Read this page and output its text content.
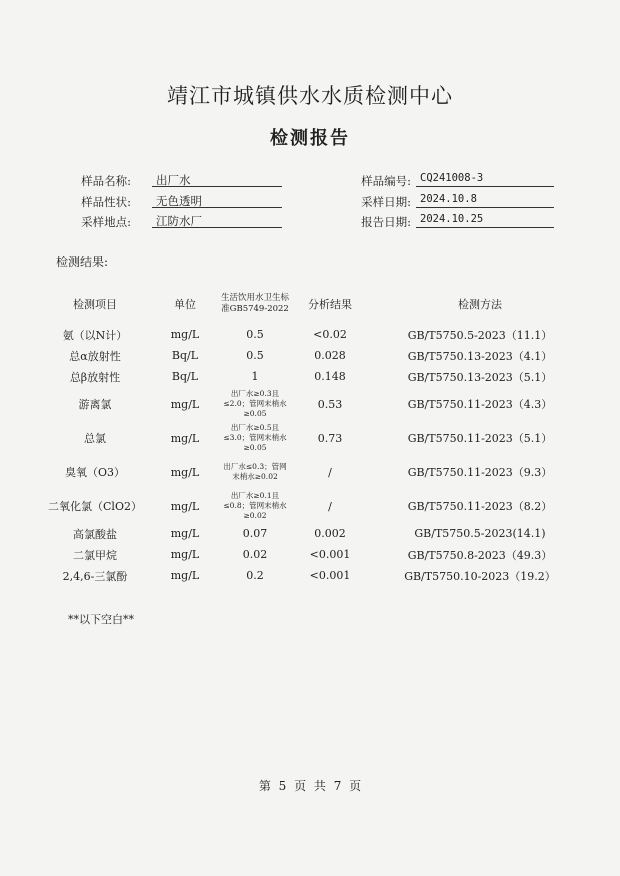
靖江市城镇供水水质检测中心
检测报告
样品名称:	出厂水	样品编号: CQ241008-3
样品性状:	无色透明	采样日期: 2024.10.8
采样地点:	江防水厂	报告日期: 2024.10.25
检测结果:
检测项目	单位	生活饮用水卫生标准GB5749-2022	分析结果	检测方法
氨（以N计）	mg/L	0.5	<0.02	GB/T5750.5-2023（11.1）
总α放射性	Bq/L	0.5	0.028	GB/T5750.13-2023（4.1）
总β放射性	Bq/L	1	0.148	GB/T5750.13-2023（5.1）
游离氯	mg/L	出厂水≥0.3且≤2.0；管网末梢水≥0.05	0.53	GB/T5750.11-2023（4.3）
总氯	mg/L	出厂水≥0.5且≤3.0；管网末梢水≥0.05	0.73	GB/T5750.11-2023（5.1）
臭氧（O3）	mg/L	出厂水≤0.3；管网末梢水≥0.02	/	GB/T5750.11-2023（9.3）
二氧化氯（ClO2）	mg/L	出厂水≥0.1且≤0.8；管网末梢水≥0.02	/	GB/T5750.11-2023（8.2）
高氯酸盐	mg/L	0.07	0.002	GB/T5750.5-2023(14.1)
二氯甲烷	mg/L	0.02	<0.001	GB/T5750.8-2023（49.3）
2,4,6-三氯酚	mg/L	0.2	<0.001	GB/T5750.10-2023（19.2）
**以下空白**
第 5 页 共 7 页
